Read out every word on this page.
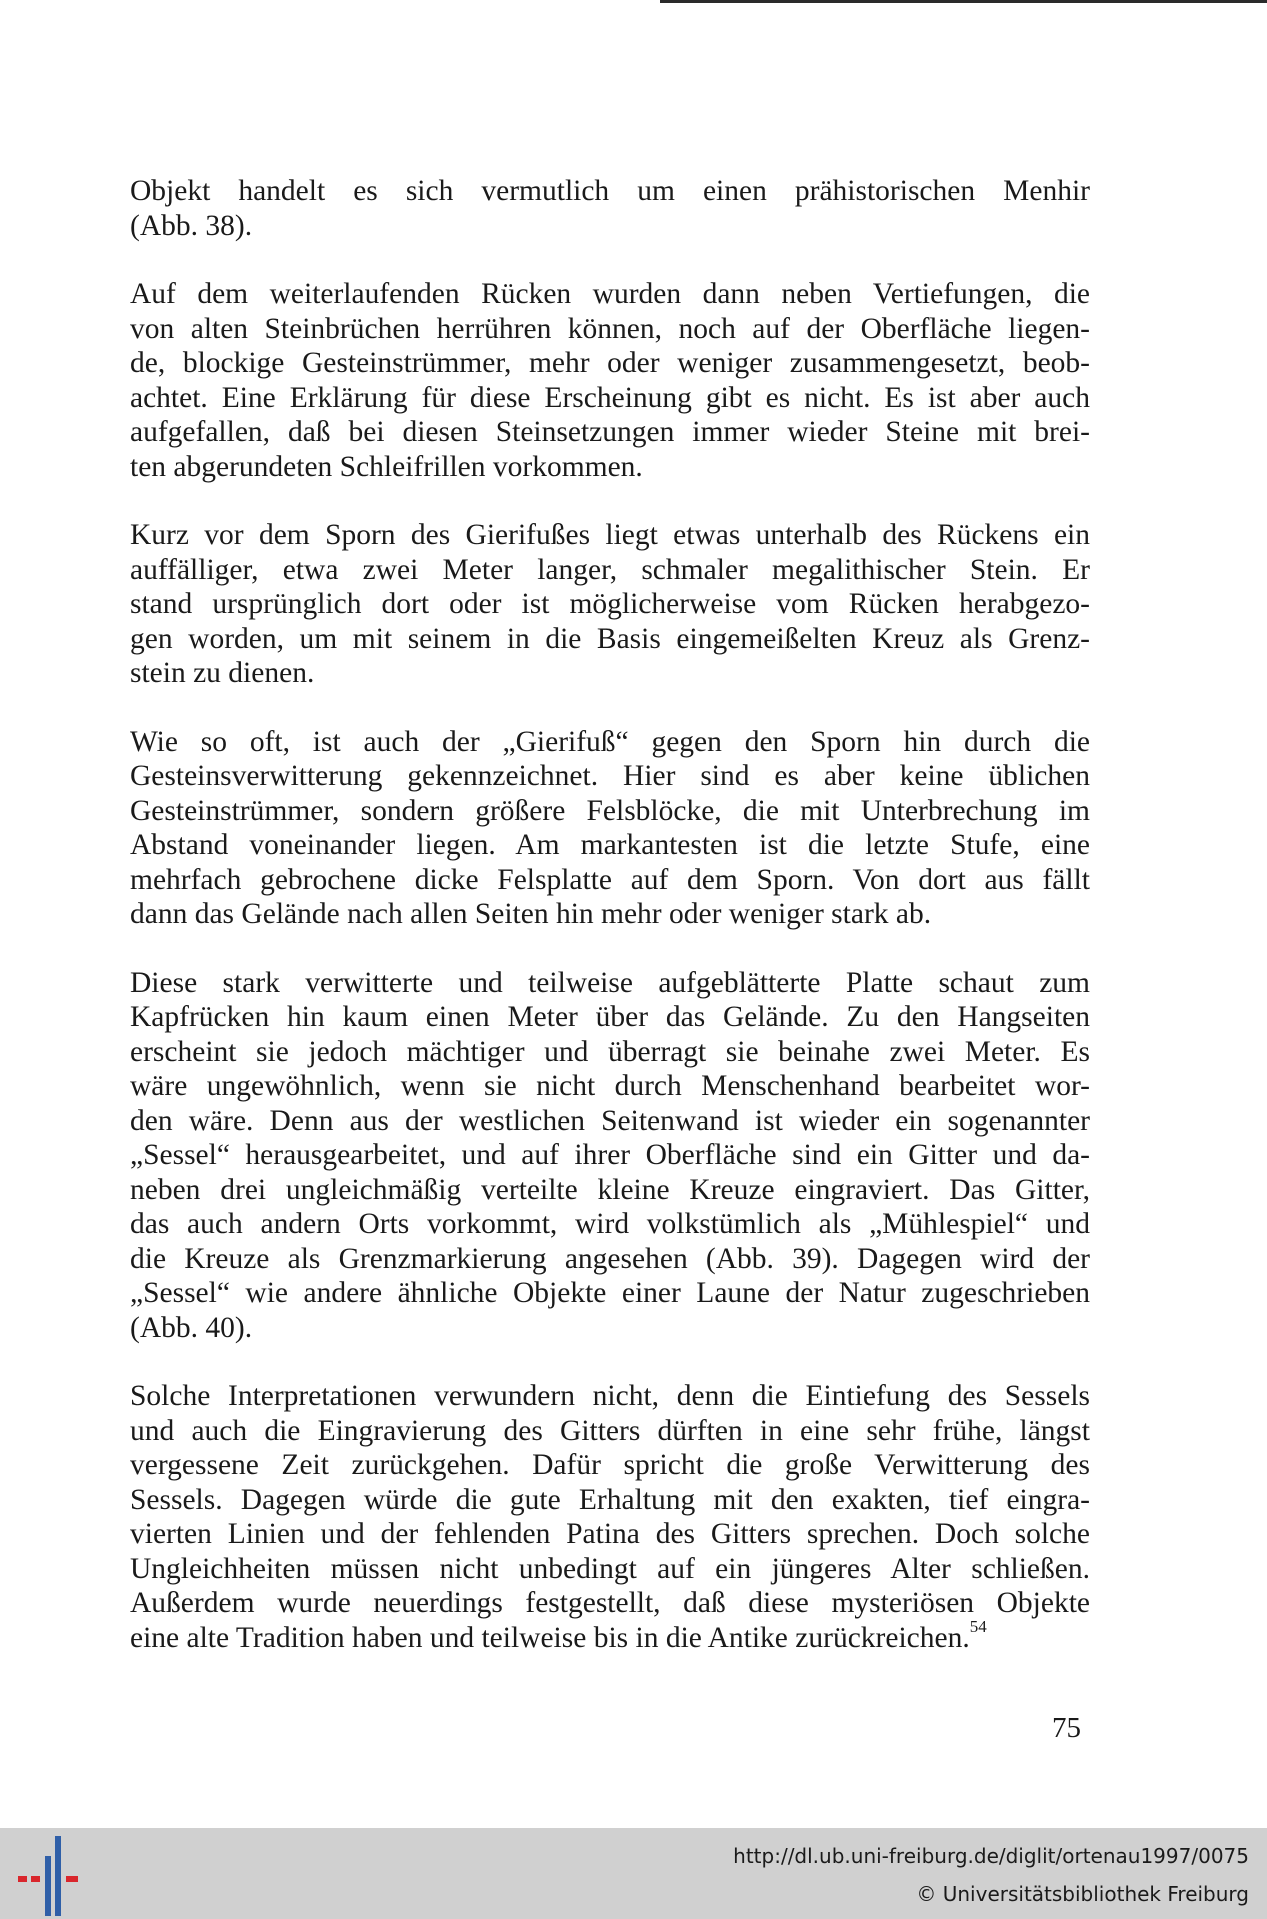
Objekt handelt es sich vermutlich um einen prähistorischen Menhir
(Abb. 38).

Auf dem weiterlaufenden Rücken wurden dann neben Vertiefungen, die
von alten Steinbrüchen herrühren können, noch auf der Oberfläche liegen-
de, blockige Gesteinstrümmer, mehr oder weniger zusammengesetzt, beob-
achtet. Eine Erklärung für diese Erscheinung gibt es nicht. Es ist aber auch
aufgefallen, daß bei diesen Steinsetzungen immer wieder Steine mit brei-
ten abgerundeten Schleifrillen vorkommen.

Kurz vor dem Sporn des Gierifußes liegt etwas unterhalb des Rückens ein
auffälliger, etwa zwei Meter langer, schmaler megalithischer Stein. Er
stand ursprünglich dort oder ist möglicherweise vom Rücken herabgezo-
gen worden, um mit seinem in die Basis eingemeißelten Kreuz als Grenz-
stein zu dienen.

Wie so oft, ist auch der „Gierifuß“ gegen den Sporn hin durch die
Gesteinsverwitterung gekennzeichnet. Hier sind es aber keine üblichen
Gesteinstrümmer, sondern größere Felsblöcke, die mit Unterbrechung im
Abstand voneinander liegen. Am markantesten ist die letzte Stufe, eine
mehrfach gebrochene dicke Felsplatte auf dem Sporn. Von dort aus fällt
dann das Gelände nach allen Seiten hin mehr oder weniger stark ab.

Diese stark verwitterte und teilweise aufgeblätterte Platte schaut zum
Kapfrücken hin kaum einen Meter über das Gelände. Zu den Hangseiten
erscheint sie jedoch mächtiger und überragt sie beinahe zwei Meter. Es
wäre ungewöhnlich, wenn sie nicht durch Menschenhand bearbeitet wor-
den wäre. Denn aus der westlichen Seitenwand ist wieder ein sogenannter
„Sessel“ herausgearbeitet, und auf ihrer Oberfläche sind ein Gitter und da-
neben drei ungleichmäßig verteilte kleine Kreuze eingraviert. Das Gitter,
das auch andern Orts vorkommt, wird volkstümlich als „Mühlespiel“ und
die Kreuze als Grenzmarkierung angesehen (Abb. 39). Dagegen wird der
„Sessel“ wie andere ähnliche Objekte einer Laune der Natur zugeschrieben
(Abb. 40).

Solche Interpretationen verwundern nicht, denn die Eintiefung des Sessels
und auch die Eingravierung des Gitters dürften in eine sehr frühe, längst
vergessene Zeit zurückgehen. Dafür spricht die große Verwitterung des
Sessels. Dagegen würde die gute Erhaltung mit den exakten, tief eingra-
vierten Linien und der fehlenden Patina des Gitters sprechen. Doch solche
Ungleichheiten müssen nicht unbedingt auf ein jüngeres Alter schließen.
Außerdem wurde neuerdings festgestellt, daß diese mysteriösen Objekte
eine alte Tradition haben und teilweise bis in die Antike zurückreichen.$^{54}$

75
http://dl.ub.uni-freiburg.de/diglit/ortenau1997/0075
© Universitätsbibliothek Freiburg
